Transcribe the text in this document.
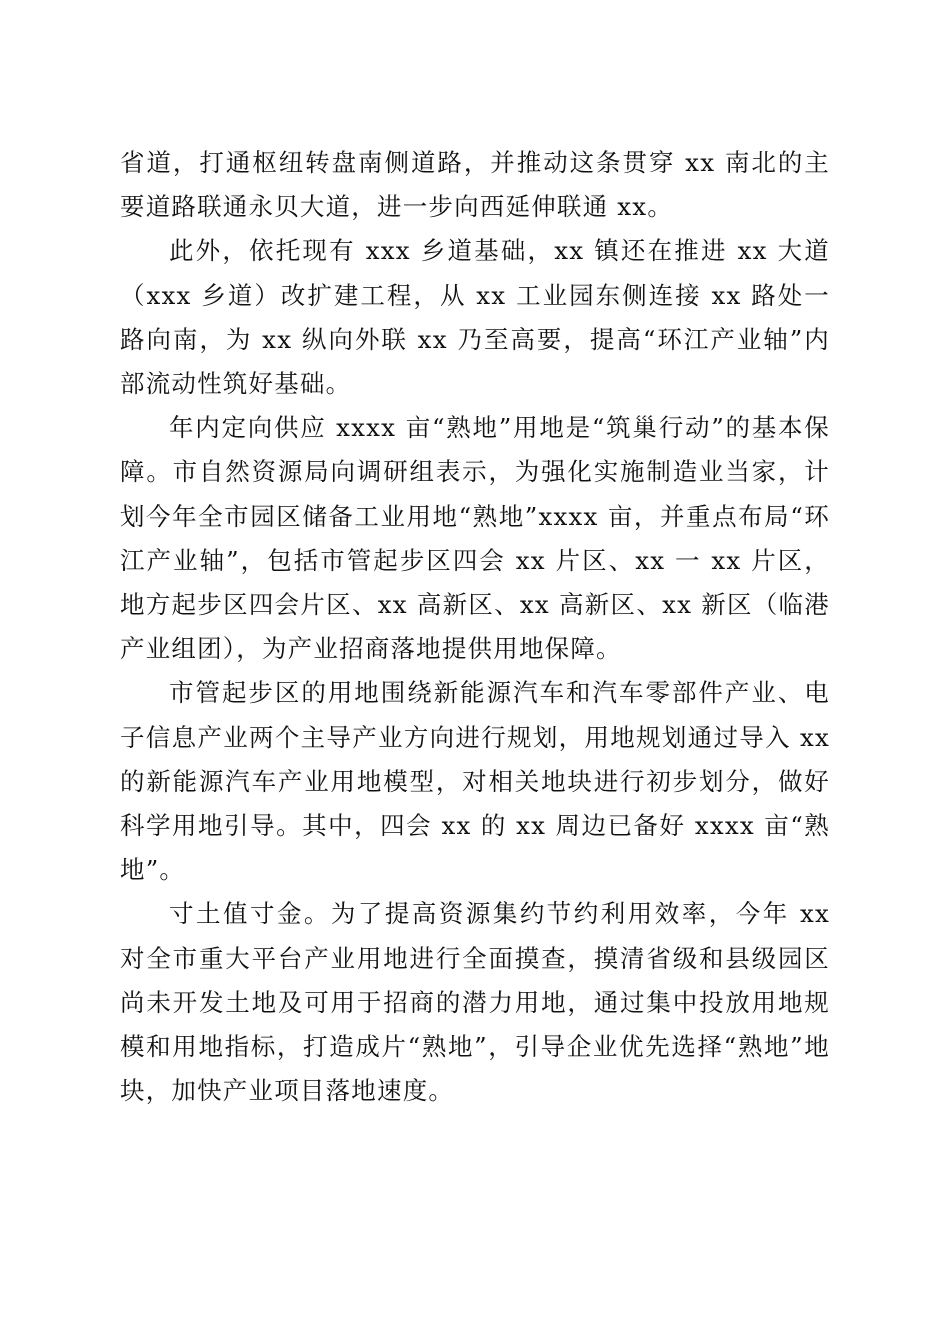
省道，打通枢纽转盘南侧道路，并推动这条贯穿 xx 南北的主要道路联通永贝大道，进一步向西延伸联通 xx。

此外，依托现有 xxx 乡道基础，xx 镇还在推进 xx 大道（xxx 乡道）改扩建工程，从 xx 工业园东侧连接 xx 路处一路向南，为 xx 纵向外联 xx 乃至高要，提高“环江产业轴”内部流动性筑好基础。

年内定向供应 xxxx 亩“熟地”用地是“筑巢行动”的基本保障。市自然资源局向调研组表示，为强化实施制造业当家，计划今年全市园区储备工业用地“熟地”xxxx 亩，并重点布局“环江产业轴”，包括市管起步区四会 xx 片区、xx 一 xx 片区，地方起步区四会片区、xx 高新区、xx 高新区、xx 新区（临港产业组团），为产业招商落地提供用地保障。

市管起步区的用地围绕新能源汽车和汽车零部件产业、电子信息产业两个主导产业方向进行规划，用地规划通过导入 xx 的新能源汽车产业用地模型，对相关地块进行初步划分，做好科学用地引导。其中，四会 xx 的 xx 周边已备好 xxxx 亩“熟地”。

寸土值寸金。为了提高资源集约节约利用效率，今年 xx 对全市重大平台产业用地进行全面摸查，摸清省级和县级园区尚未开发土地及可用于招商的潜力用地，通过集中投放用地规模和用地指标，打造成片“熟地”，引导企业优先选择“熟地”地块，加快产业项目落地速度。
